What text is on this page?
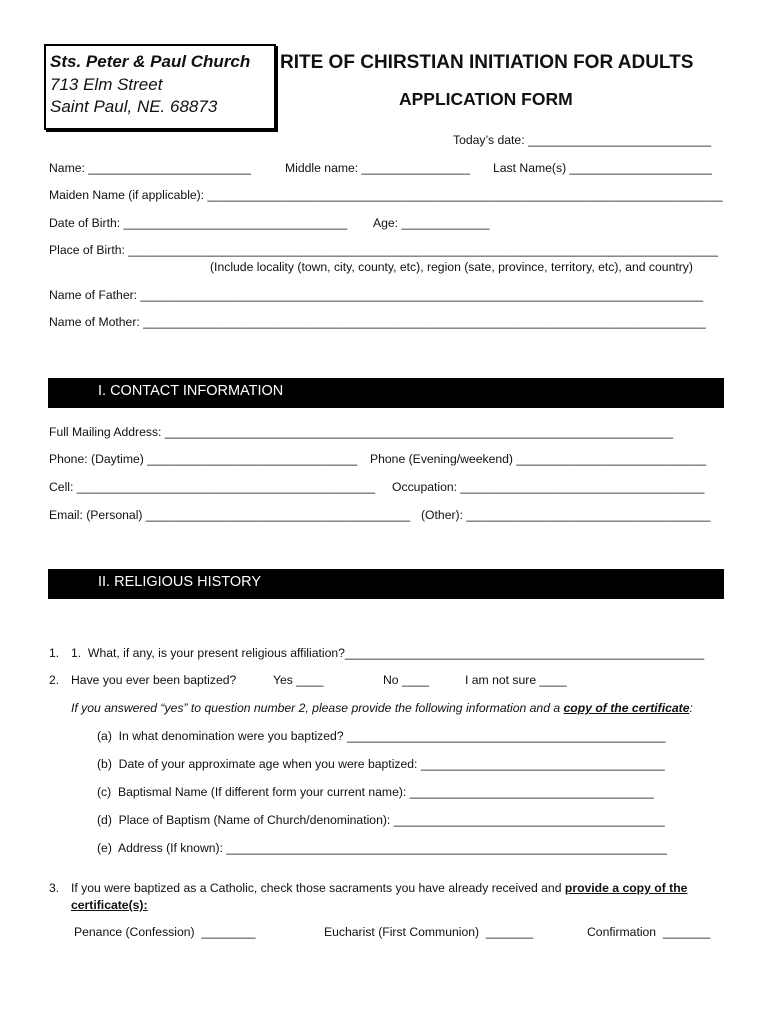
Sts. Peter & Paul Church
713 Elm Street
Saint Paul, NE. 68873
RITE OF CHIRSTIAN INITIATION FOR ADULTS
APPLICATION FORM
Today’s date: ___________________________
Name: ________________________	Middle name: ________________ Last Name(s) _____________________
Maiden Name (if applicable): ____________________________________________________________________________
Date of Birth: _________________________________ Age: _____________
Place of Birth: _______________________________________________________________________________________
(Include locality (town, city, county, etc), region (sate, province, territory, etc), and country)
Name of Father: ___________________________________________________________________________________
Name of Mother: ___________________________________________________________________________________
I. CONTACT INFORMATION
Full Mailing Address: ___________________________________________________________________________
Phone: (Daytime) _______________________________ Phone (Evening/weekend) ____________________________
Cell: ____________________________________________ Occupation: ____________________________________
Email: (Personal) _______________________________________ (Other): ____________________________________
II. RELIGIOUS HISTORY
1. 1.  What, if any, is your present religious affiliation?_____________________________________________________
2. Have you ever been baptized?	Yes ____	No ____	I am not sure ____
If you answered “yes” to question number 2, please provide the following information and a copy of the certificate:
(a)  In what denomination were you baptized? _______________________________________________
(b)  Date of your approximate age when you were baptized: ____________________________________
(c)  Baptismal Name (If different form your current name): ____________________________________
(d)  Place of Baptism (Name of Church/denomination): ________________________________________
(e)  Address (If known): _________________________________________________________________
3. If you were baptized as a Catholic, check those sacraments you have already received and provide a copy of the
certificate(s):
Penance (Confession)  ________	Eucharist (First Communion)  _______	Confirmation  _______
